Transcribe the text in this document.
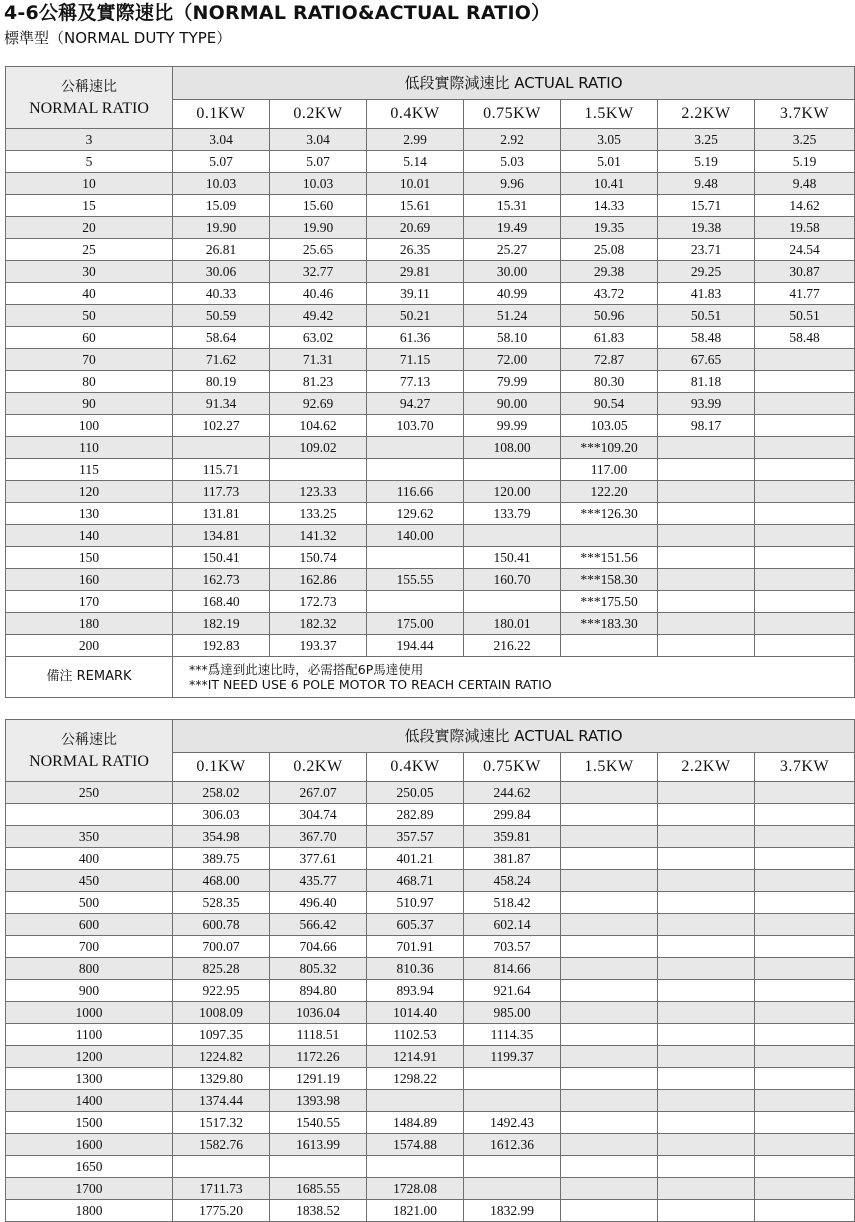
4-6公稱及實際速比（NORMAL RATIO&ACTUAL RATIO）
標準型（NORMAL DUTY TYPE）
公稱速比
NORMAL RATIO	低段實際減速比 ACTUAL RATIO						
	0.1KW	0.2KW	0.4KW	0.75KW	1.5KW	2.2KW	3.7KW
3	3.04	3.04	2.99	2.92	3.05	3.25	3.25
5	5.07	5.07	5.14	5.03	5.01	5.19	5.19
10	10.03	10.03	10.01	9.96	10.41	9.48	9.48
15	15.09	15.60	15.61	15.31	14.33	15.71	14.62
20	19.90	19.90	20.69	19.49	19.35	19.38	19.58
25	26.81	25.65	26.35	25.27	25.08	23.71	24.54
30	30.06	32.77	29.81	30.00	29.38	29.25	30.87
40	40.33	40.46	39.11	40.99	43.72	41.83	41.77
50	50.59	49.42	50.21	51.24	50.96	50.51	50.51
60	58.64	63.02	61.36	58.10	61.83	58.48	58.48
70	71.62	71.31	71.15	72.00	72.87	67.65	
80	80.19	81.23	77.13	79.99	80.30	81.18	
90	91.34	92.69	94.27	90.00	90.54	93.99	
100	102.27	104.62	103.70	99.99	103.05	98.17	
110		109.02		108.00	***109.20		
115	115.71				117.00		
120	117.73	123.33	116.66	120.00	122.20		
130	131.81	133.25	129.62	133.79	***126.30		
140	134.81	141.32	140.00				
150	150.41	150.74		150.41	***151.56		
160	162.73	162.86	155.55	160.70	***158.30		
170	168.40	172.73			***175.50		
180	182.19	182.32	175.00	180.01	***183.30		
200	192.83	193.37	194.44	216.22			
備注 REMARK	***爲達到此速比時，必需搭配6P馬達使用
***IT NEED USE 6 POLE MOTOR TO REACH CERTAIN RATIO						
公稱速比
NORMAL RATIO	低段實際減速比 ACTUAL RATIO						
	0.1KW	0.2KW	0.4KW	0.75KW	1.5KW	2.2KW	3.7KW
250	258.02	267.07	250.05	244.62			
	306.03	304.74	282.89	299.84			
350	354.98	367.70	357.57	359.81			
400	389.75	377.61	401.21	381.87			
450	468.00	435.77	468.71	458.24			
500	528.35	496.40	510.97	518.42			
600	600.78	566.42	605.37	602.14			
700	700.07	704.66	701.91	703.57			
800	825.28	805.32	810.36	814.66			
900	922.95	894.80	893.94	921.64			
1000	1008.09	1036.04	1014.40	985.00			
1100	1097.35	1118.51	1102.53	1114.35			
1200	1224.82	1172.26	1214.91	1199.37			
1300	1329.80	1291.19	1298.22				
1400	1374.44	1393.98					
1500	1517.32	1540.55	1484.89	1492.43			
1600	1582.76	1613.99	1574.88	1612.36			
1650							
1700	1711.73	1685.55	1728.08				
1800	1775.20	1838.52	1821.00	1832.99			
